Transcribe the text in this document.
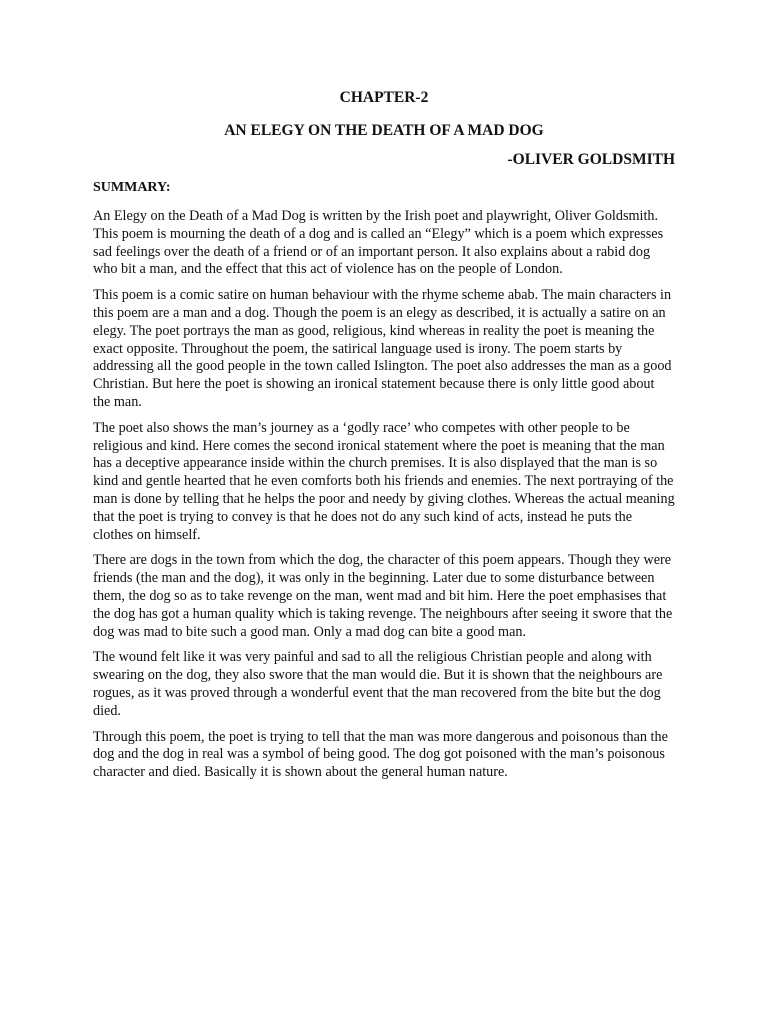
CHAPTER-2
AN ELEGY ON THE DEATH OF A MAD DOG
-OLIVER GOLDSMITH
SUMMARY:

An Elegy on the Death of a Mad Dog is written by the Irish poet and playwright, Oliver Goldsmith. This poem is mourning the death of a dog and is called an “Elegy” which is a poem which expresses sad feelings over the death of a friend or of an important person. It also explains about a rabid dog who bit a man, and the effect that this act of violence has on the people of London.

This poem is a comic satire on human behaviour with the rhyme scheme abab. The main characters in this poem are a man and a dog. Though the poem is an elegy as described, it is actually a satire on an elegy. The poet portrays the man as good, religious, kind whereas in reality the poet is meaning the exact opposite. Throughout the poem, the satirical language used is irony. The poem starts by addressing all the good people in the town called Islington. The poet also addresses the man as a good Christian. But here the poet is showing an ironical statement because there is only little good about the man.

The poet also shows the man’s journey as a ‘godly race’ who competes with other people to be religious and kind. Here comes the second ironical statement where the poet is meaning that the man has a deceptive appearance inside within the church premises. It is also displayed that the man is so kind and gentle hearted that he even comforts both his friends and enemies. The next portraying of the man is done by telling that he helps the poor and needy by giving clothes. Whereas the actual meaning that the poet is trying to convey is that he does not do any such kind of acts, instead he puts the clothes on himself.

There are dogs in the town from which the dog, the character of this poem appears. Though they were friends (the man and the dog), it was only in the beginning. Later due to some disturbance between them, the dog so as to take revenge on the man, went mad and bit him. Here the poet emphasises that the dog has got a human quality which is taking revenge. The neighbours after seeing it swore that the dog was mad to bite such a good man. Only a mad dog can bite a good man.

The wound felt like it was very painful and sad to all the religious Christian people and along with swearing on the dog, they also swore that the man would die. But it is shown that the neighbours are rogues, as it was proved through a wonderful event that the man recovered from the bite but the dog died.

Through this poem, the poet is trying to tell that the man was more dangerous and poisonous than the dog and the dog in real was a symbol of being good. The dog got poisoned with the man’s poisonous character and died. Basically it is shown about the general human nature.
